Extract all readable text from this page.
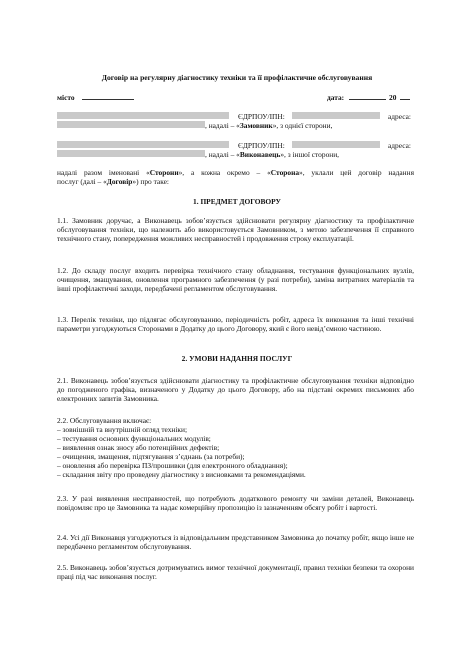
Договір на регулярну діагностику техніки та її профілактичне обслуговування
місто	дата:	20
ЄДРПОУ/ІПН:	адреса:
, надалі – «Замовник», з однієї сторони,
ЄДРПОУ/ІПН:	адреса:
, надалі – «Виконавець», з іншої сторони,
надалі разом іменовані «Сторони», а кожна окремо – «Сторона», уклали цей договір надання
послуг (далі – «Договір») про таке:
1. ПРЕДМЕТ ДОГОВОРУ
1.1. Замовник доручає, а Виконавець зобов’язується здійснювати регулярну діагностику та профілактичне обслуговування техніки, що належить або використовується Замовником, з метою забезпечення її справного технічного стану, попередження можливих несправностей і продовження строку експлуатації.
1.2. До складу послуг входить перевірка технічного стану обладнання, тестування функціональних вузлів, очищення, змащування, оновлення програмного забезпечення (у разі потреби), заміна витратних матеріалів та інші профілактичні заходи, передбачені регламентом обслуговування.
1.3. Перелік техніки, що підлягає обслуговуванню, періодичність робіт, адреса їх виконання та інші технічні параметри узгоджуються Сторонами в Додатку до цього Договору, який є його невід’ємною частиною.
2. УМОВИ НАДАННЯ ПОСЛУГ
2.1. Виконавець зобов’язується здійснювати діагностику та профілактичне обслуговування техніки відповідно до погодженого графіка, визначеного у Додатку до цього Договору, або на підставі окремих письмових або електронних запитів Замовника.
2.2. Обслуговування включає:
– зовнішній та внутрішній огляд техніки;
– тестування основних функціональних модулів;
– виявлення ознак зносу або потенційних дефектів;
– очищення, змащення, підтягування з’єднань (за потреби);
– оновлення або перевірка ПЗ/прошивки (для електронного обладнання);
– складання звіту про проведену діагностику з висновками та рекомендаціями.
2.3. У разі виявлення несправностей, що потребують додаткового ремонту чи заміни деталей, Виконавець повідомляє про це Замовника та надає комерційну пропозицію із зазначенням обсягу робіт і вартості.
2.4. Усі дії Виконавця узгоджуються із відповідальним представником Замовника до початку робіт, якщо інше не передбачено регламентом обслуговування.
2.5. Виконавець зобов’язується дотримуватись вимог технічної документації, правил техніки безпеки та охорони праці під час виконання послуг.
